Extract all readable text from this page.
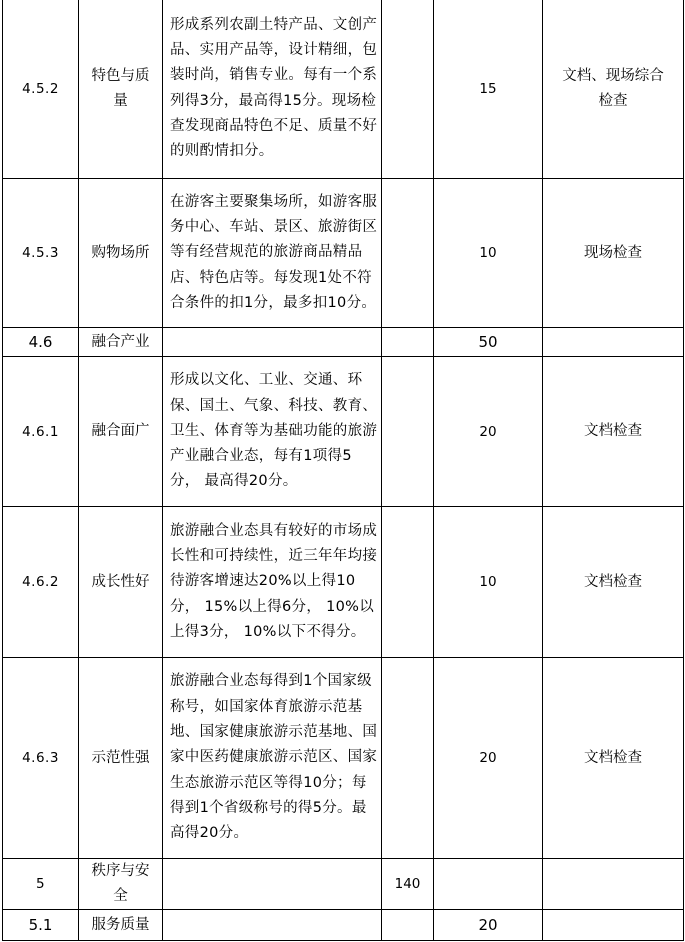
4.5.2	特色与质量	形成系列农副土特产品、文创产品、实用产品等，设计精细，包装时尚，销售专业。每有一个系列得3分，最高得15分。现场检查发现商品特色不足、质量不好的则酌情扣分。		15	文档、现场综合检查
4.5.3	购物场所	在游客主要聚集场所，如游客服务中心、车站、景区、旅游街区等有经营规范的旅游商品精品店、特色店等。每发现1处不符合条件的扣1分，最多扣10分。		10	现场检查
4.6	融合产业			50	
4.6.1	融合面广	形成以文化、工业、交通、环保、国土、气象、科技、教育、卫生、体育等为基础功能的旅游产业融合业态，每有1项得5分， 最高得20分。		20	文档检查
4.6.2	成长性好	旅游融合业态具有较好的市场成长性和可持续性，近三年年均接待游客增速达20%以上得10分， 15%以上得6分， 10%以上得3分， 10%以下不得分。		10	文档检查
4.6.3	示范性强	旅游融合业态每得到1个国家级称号，如国家体育旅游示范基地、国家健康旅游示范基地、国家中医药健康旅游示范区、国家生态旅游示范区等得10分；每得到1个省级称号的得5分。最高得20分。		20	文档检查
5	秩序与安全		140		
5.1	服务质量			20	
